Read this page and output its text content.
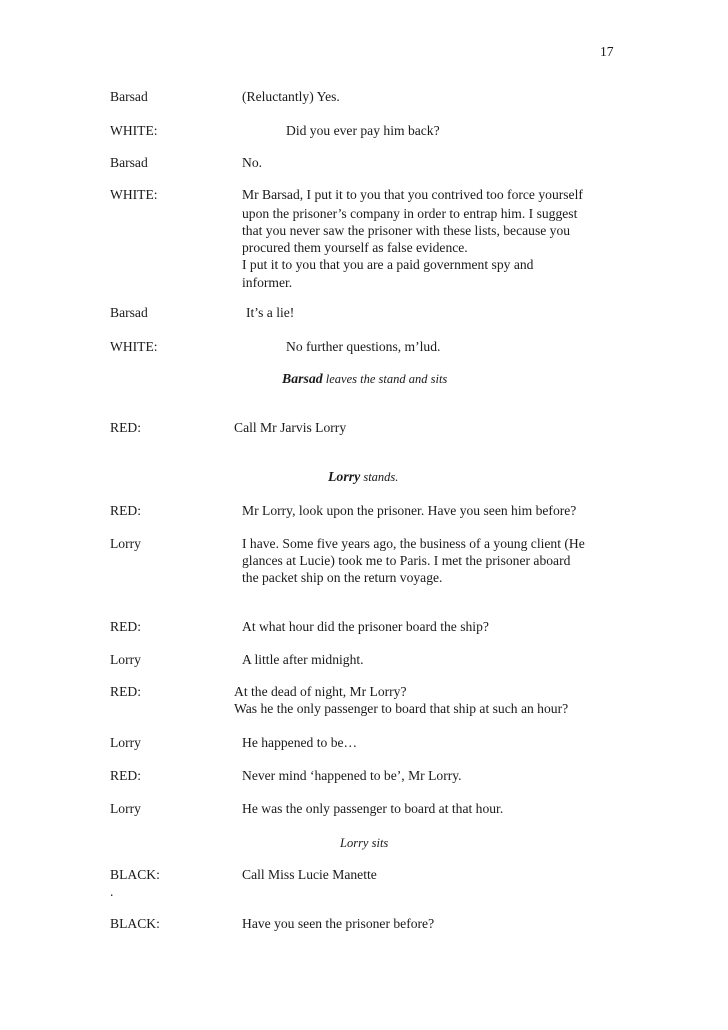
17
Barsad	(Reluctantly) Yes.
WHITE:	Did you ever pay him back?
Barsad	No.
WHITE:	Mr Barsad, I put it to you that you contrived too force yourself
upon the prisoner’s company in order to entrap him. I suggest
that you never saw the prisoner with these lists, because you
procured them yourself as false evidence.
I put it to you that you are a paid government spy and
informer.
Barsad	It’s a lie!
WHITE:	No further questions, m’lud.
Barsad leaves the stand and sits
RED:	Call Mr Jarvis Lorry
Lorry stands.
RED:	Mr Lorry, look upon the prisoner. Have you seen him before?
Lorry	I have. Some five years ago, the business of a young client (He
glances at Lucie) took me to Paris. I met the prisoner aboard
the packet ship on the return voyage.
RED:	At what hour did the prisoner board the ship?
Lorry	A little after midnight.
RED:	At the dead of night, Mr Lorry?
Was he the only passenger to board that ship at such an hour?
Lorry	He happened to be…
RED:	Never mind ‘happened to be’, Mr Lorry.
Lorry	He was the only passenger to board at that hour.
Lorry sits
BLACK:	Call Miss Lucie Manette
.
BLACK:	Have you seen the prisoner before?
